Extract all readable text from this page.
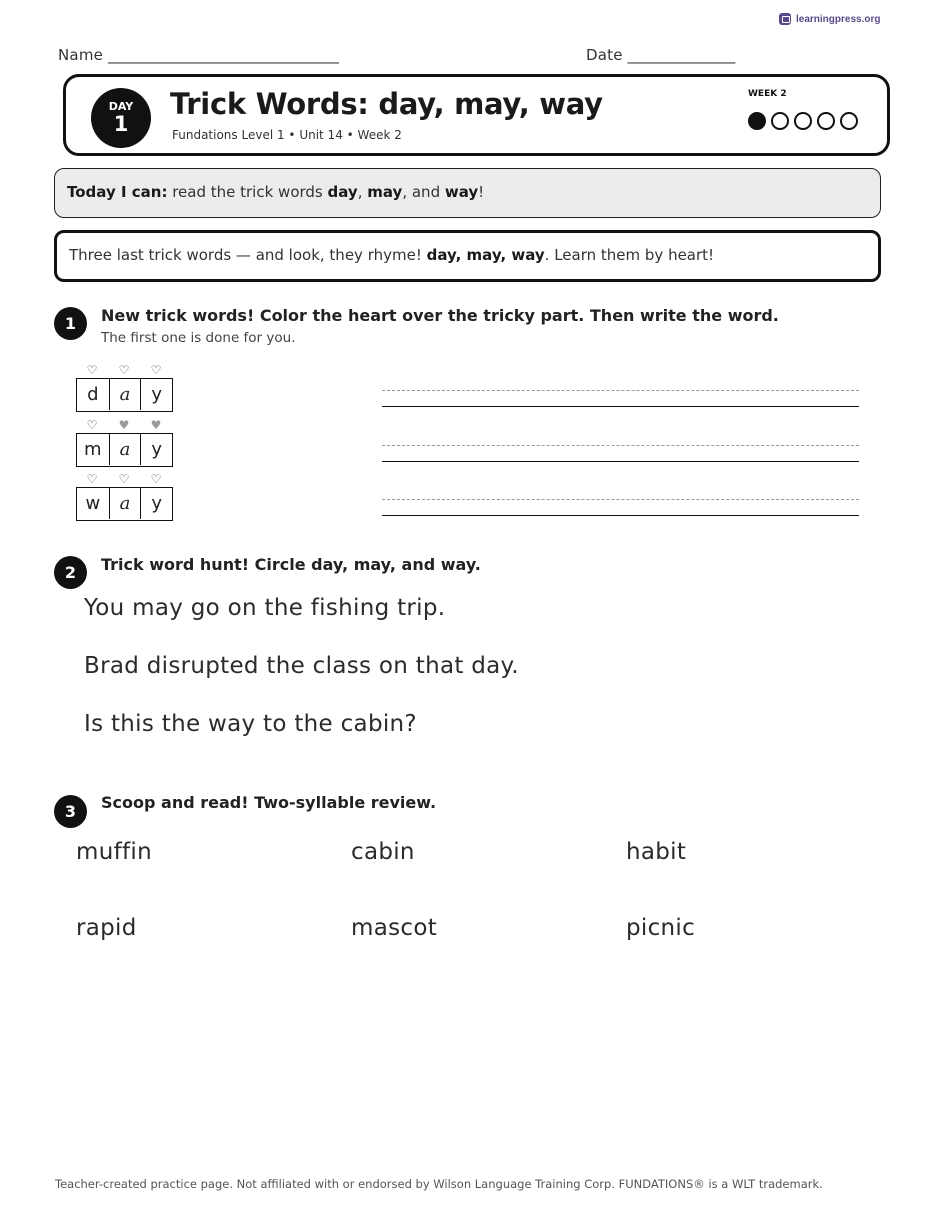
learningpress.org
Name ______________________________	Date ______________
DAY
1
Trick Words: day, may, way
Fundations Level 1 • Unit 14 • Week 2
WEEK 2
Today I can: read the trick words day, may, and way!
Three last trick words — and look, they rhyme! day, may, way. Learn them by heart!
1	New trick words! Color the heart over the tricky part. Then write the word.
The first one is done for you.
♡	♡	♡
d	a	y
♡	♥	♥
m	a	y
♡	♡	♡
w	a	y
2	Trick word hunt! Circle day, may, and way.
You may go on the fishing trip.
Brad disrupted the class on that day.
Is this the way to the cabin?
3	Scoop and read! Two-syllable review.
muffin	cabin	habit
rapid	mascot	picnic
Teacher-created practice page. Not affiliated with or endorsed by Wilson Language Training Corp. FUNDATIONS® is a WLT trademark.
